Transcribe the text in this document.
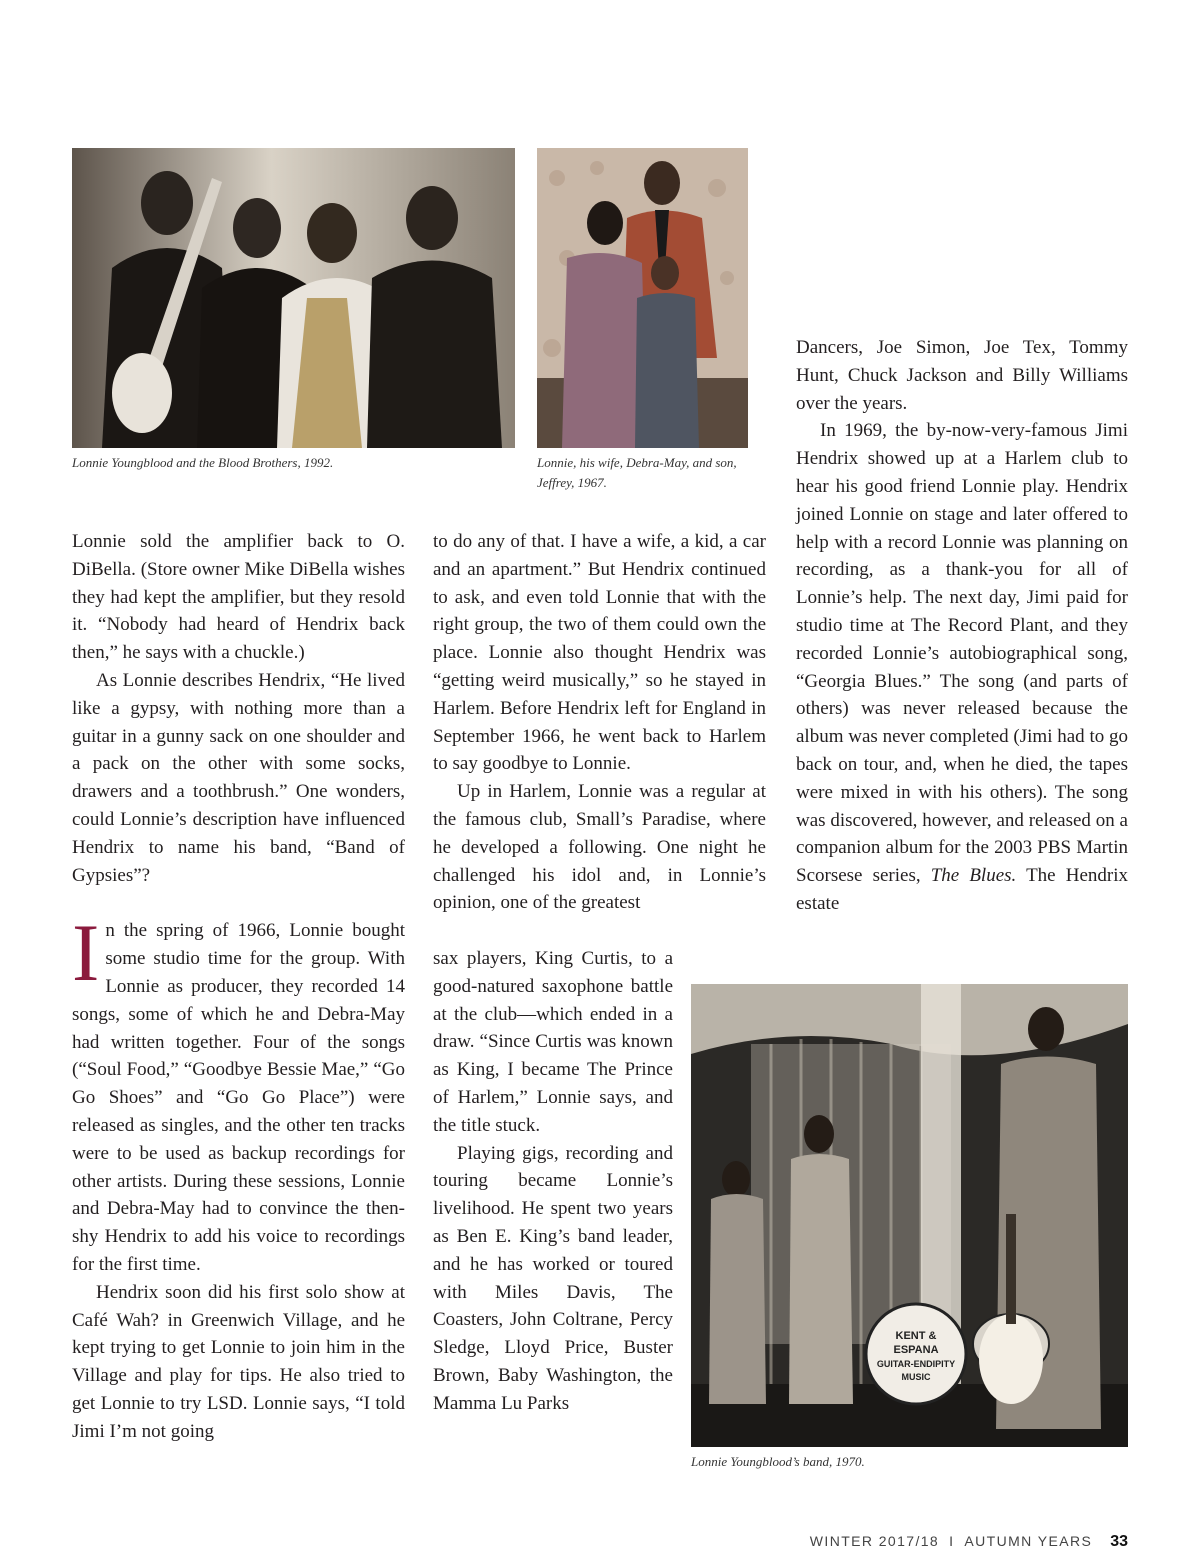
Lonnie Youngblood and the Blood Brothers, 1992.	Lonnie, his wife, Debra-May, and son, Jeffrey, 1967.
KENT &
ESPANA
GUITAR-ENDIPITY
MUSIC
Lonnie Youngblood’s band, 1970.

Lonnie sold the amplifier back to O. DiBella. (Store owner Mike DiBella wishes they had kept the amplifier, but they resold it. “Nobody had heard of Hendrix back then,” he says with a chuckle.)

As Lonnie describes Hendrix, “He lived like a gypsy, with nothing more than a guitar in a gunny sack on one shoulder and a pack on the other with some socks, drawers and a toothbrush.” One wonders, could Lonnie’s description have influenced Hendrix to name his band, “Band of Gypsies”?

In the spring of 1966, Lonnie bought some studio time for the group. With Lonnie as producer, they recorded 14 songs, some of which he and Debra-May had written together. Four of the songs (“Soul Food,” “Goodbye Bessie Mae,” “Go Go Shoes” and “Go Go Place”) were released as singles, and the other ten tracks were to be used as backup recordings for other artists. During these sessions, Lonnie and Debra-May had to convince the then-shy Hendrix to add his voice to recordings for the first time.

Hendrix soon did his first solo show at Café Wah? in Greenwich Village, and he kept trying to get Lonnie to join him in the Village and play for tips. He also tried to get Lonnie to try LSD. Lonnie says, “I told Jimi I’m not going

to do any of that. I have a wife, a kid, a car and an apartment.” But Hendrix continued to ask, and even told Lonnie that with the right group, the two of them could own the place. Lonnie also thought Hendrix was “getting weird musically,” so he stayed in Harlem. Before Hendrix left for England in September 1966, he went back to Harlem to say goodbye to Lonnie.

Up in Harlem, Lonnie was a regular at the famous club, Small’s Paradise, where he developed a following. One night he challenged his idol and, in Lonnie’s opinion, one of the greatest

sax players, King Curtis, to a good-natured saxophone battle at the club—which ended in a draw. “Since Curtis was known as King, I became The Prince of Harlem,” Lonnie says, and the title stuck.

Playing gigs, recording and touring became Lonnie’s livelihood. He spent two years as Ben E. King’s band leader, and he has worked or toured with Miles Davis, The Coasters, John Coltrane, Percy Sledge, Lloyd Price, Buster Brown, Baby Washington, the Mamma Lu Parks

Dancers, Joe Simon, Joe Tex, Tommy Hunt, Chuck Jackson and Billy Williams over the years.

In 1969, the by-now-very-famous Jimi Hendrix showed up at a Harlem club to hear his good friend Lonnie play. Hendrix joined Lonnie on stage and later offered to help with a record Lonnie was planning on recording, as a thank-you for all of Lonnie’s help. The next day, Jimi paid for studio time at The Record Plant, and they recorded Lonnie’s autobiographical song, “Georgia Blues.” The song (and parts of others) was never released because the album was never completed (Jimi had to go back on tour, and, when he died, the tapes were mixed in with his others). The song was discovered, however, and released on a companion album for the 2003 PBS Martin Scorsese series, The Blues. The Hendrix estate

WINTER 2017/18 I AUTUMN YEARS 33
